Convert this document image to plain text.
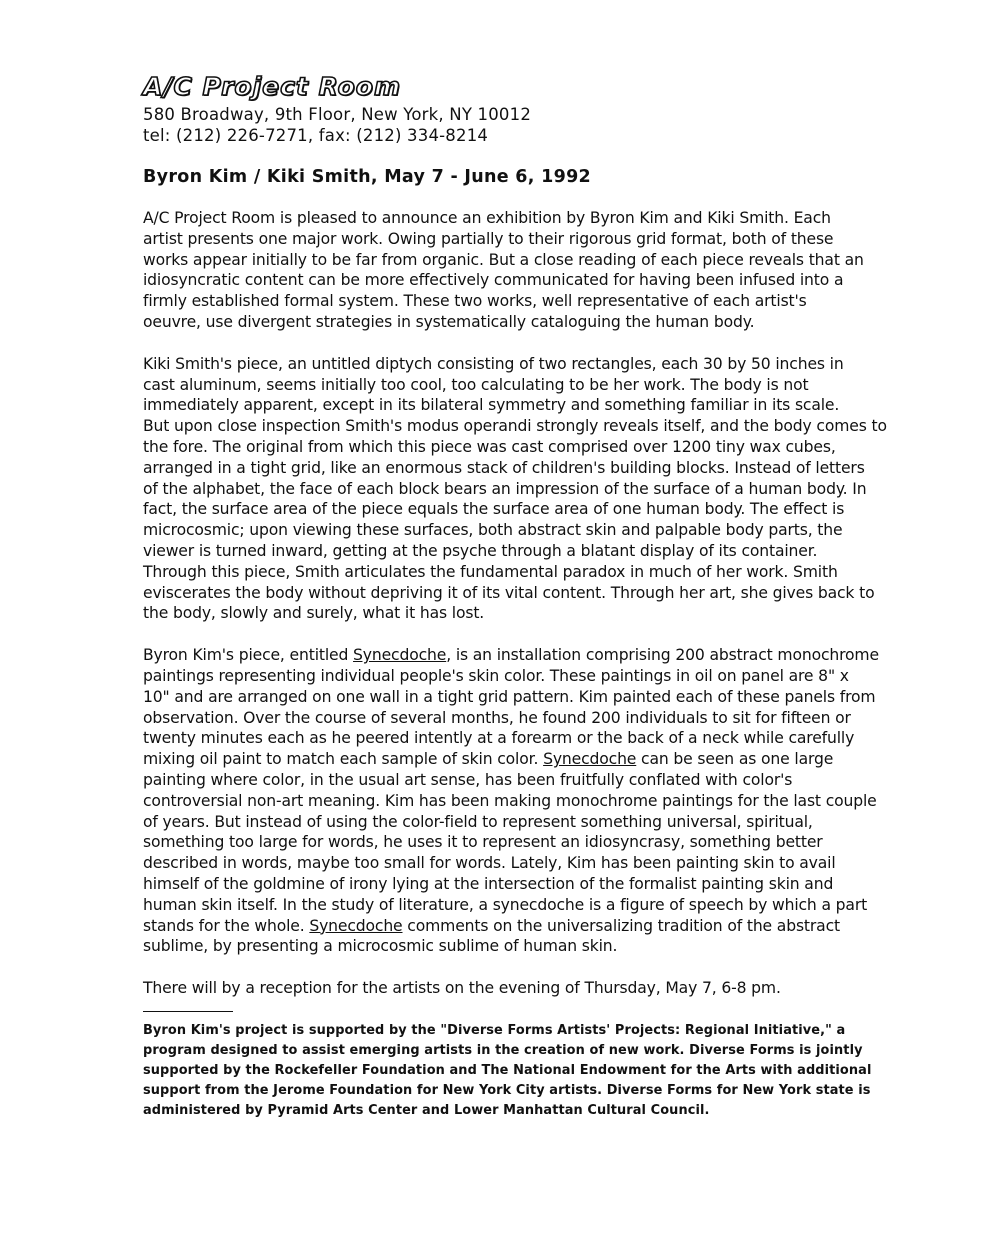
A/C Project Room
580 Broadway, 9th Floor, New York, NY 10012
tel: (212) 226-7271, fax: (212) 334-8214
Byron Kim / Kiki Smith, May 7 - June 6, 1992
A/C Project Room is pleased to announce an exhibition by Byron Kim and Kiki Smith. Each
artist presents one major work. Owing partially to their rigorous grid format, both of these
works appear initially to be far from organic. But a close reading of each piece reveals that an
idiosyncratic content can be more effectively communicated for having been infused into a
firmly established formal system. These two works, well representative of each artist's
oeuvre, use divergent strategies in systematically cataloguing the human body.
Kiki Smith's piece, an untitled diptych consisting of two rectangles, each 30 by 50 inches in
cast aluminum, seems initially too cool, too calculating to be her work. The body is not
immediately apparent, except in its bilateral symmetry and something familiar in its scale.
But upon close inspection Smith's modus operandi strongly reveals itself, and the body comes to
the fore. The original from which this piece was cast comprised over 1200 tiny wax cubes,
arranged in a tight grid, like an enormous stack of children's building blocks. Instead of letters
of the alphabet, the face of each block bears an impression of the surface of a human body. In
fact, the surface area of the piece equals the surface area of one human body. The effect is
microcosmic; upon viewing these surfaces, both abstract skin and palpable body parts, the
viewer is turned inward, getting at the psyche through a blatant display of its container.
Through this piece, Smith articulates the fundamental paradox in much of her work. Smith
eviscerates the body without depriving it of its vital content. Through her art, she gives back to
the body, slowly and surely, what it has lost.
Byron Kim's piece, entitled Synecdoche, is an installation comprising 200 abstract monochrome
paintings representing individual people's skin color. These paintings in oil on panel are 8" x
10" and are arranged on one wall in a tight grid pattern. Kim painted each of these panels from
observation. Over the course of several months, he found 200 individuals to sit for fifteen or
twenty minutes each as he peered intently at a forearm or the back of a neck while carefully
mixing oil paint to match each sample of skin color. Synecdoche can be seen as one large
painting where color, in the usual art sense, has been fruitfully conflated with color's
controversial non-art meaning. Kim has been making monochrome paintings for the last couple
of years. But instead of using the color-field to represent something universal, spiritual,
something too large for words, he uses it to represent an idiosyncrasy, something better
described in words, maybe too small for words. Lately, Kim has been painting skin to avail
himself of the goldmine of irony lying at the intersection of the formalist painting skin and
human skin itself. In the study of literature, a synecdoche is a figure of speech by which a part
stands for the whole. Synecdoche comments on the universalizing tradition of the abstract
sublime, by presenting a microcosmic sublime of human skin.
There will by a reception for the artists on the evening of Thursday, May 7, 6-8 pm.
Byron Kim's project is supported by the "Diverse Forms Artists' Projects: Regional Initiative," a
program designed to assist emerging artists in the creation of new work. Diverse Forms is jointly
supported by the Rockefeller Foundation and The National Endowment for the Arts with additional
support from the Jerome Foundation for New York City artists. Diverse Forms for New York state is
administered by Pyramid Arts Center and Lower Manhattan Cultural Council.
